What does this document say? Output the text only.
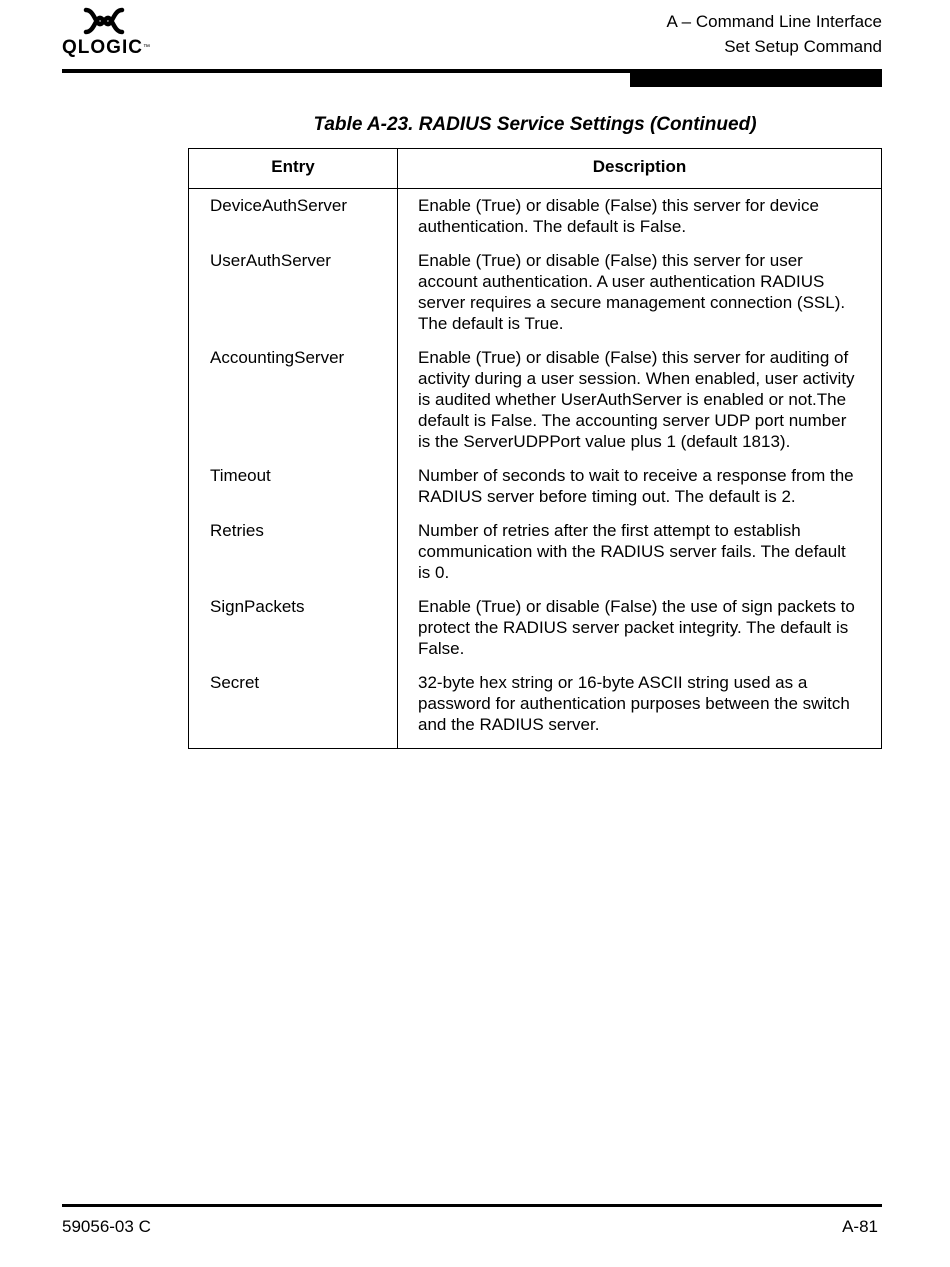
QLOGIC™
A – Command Line Interface
Set Setup Command
Table A-23. RADIUS Service Settings (Continued)
Entry	Description
DeviceAuthServer	Enable (True) or disable (False) this server for device authentication. The default is False.
UserAuthServer	Enable (True) or disable (False) this server for user account authentication. A user authentication RADIUS server requires a secure management connection (SSL). The default is True.
AccountingServer	Enable (True) or disable (False) this server for auditing of activity during a user session. When enabled, user activity is audited whether UserAuthServer is enabled or not.The default is False. The accounting server UDP port number is the ServerUDPPort value plus 1 (default 1813).
Timeout	Number of seconds to wait to receive a response from the RADIUS server before timing out. The default is 2.
Retries	Number of retries after the first attempt to establish communication with the RADIUS server fails. The default is 0.
SignPackets	Enable (True) or disable (False) the use of sign packets to protect the RADIUS server packet integrity. The default is False.
Secret	32-byte hex string or 16-byte ASCII string used as a password for authentication purposes between the switch and the RADIUS server.
59056-03 C	A-81
